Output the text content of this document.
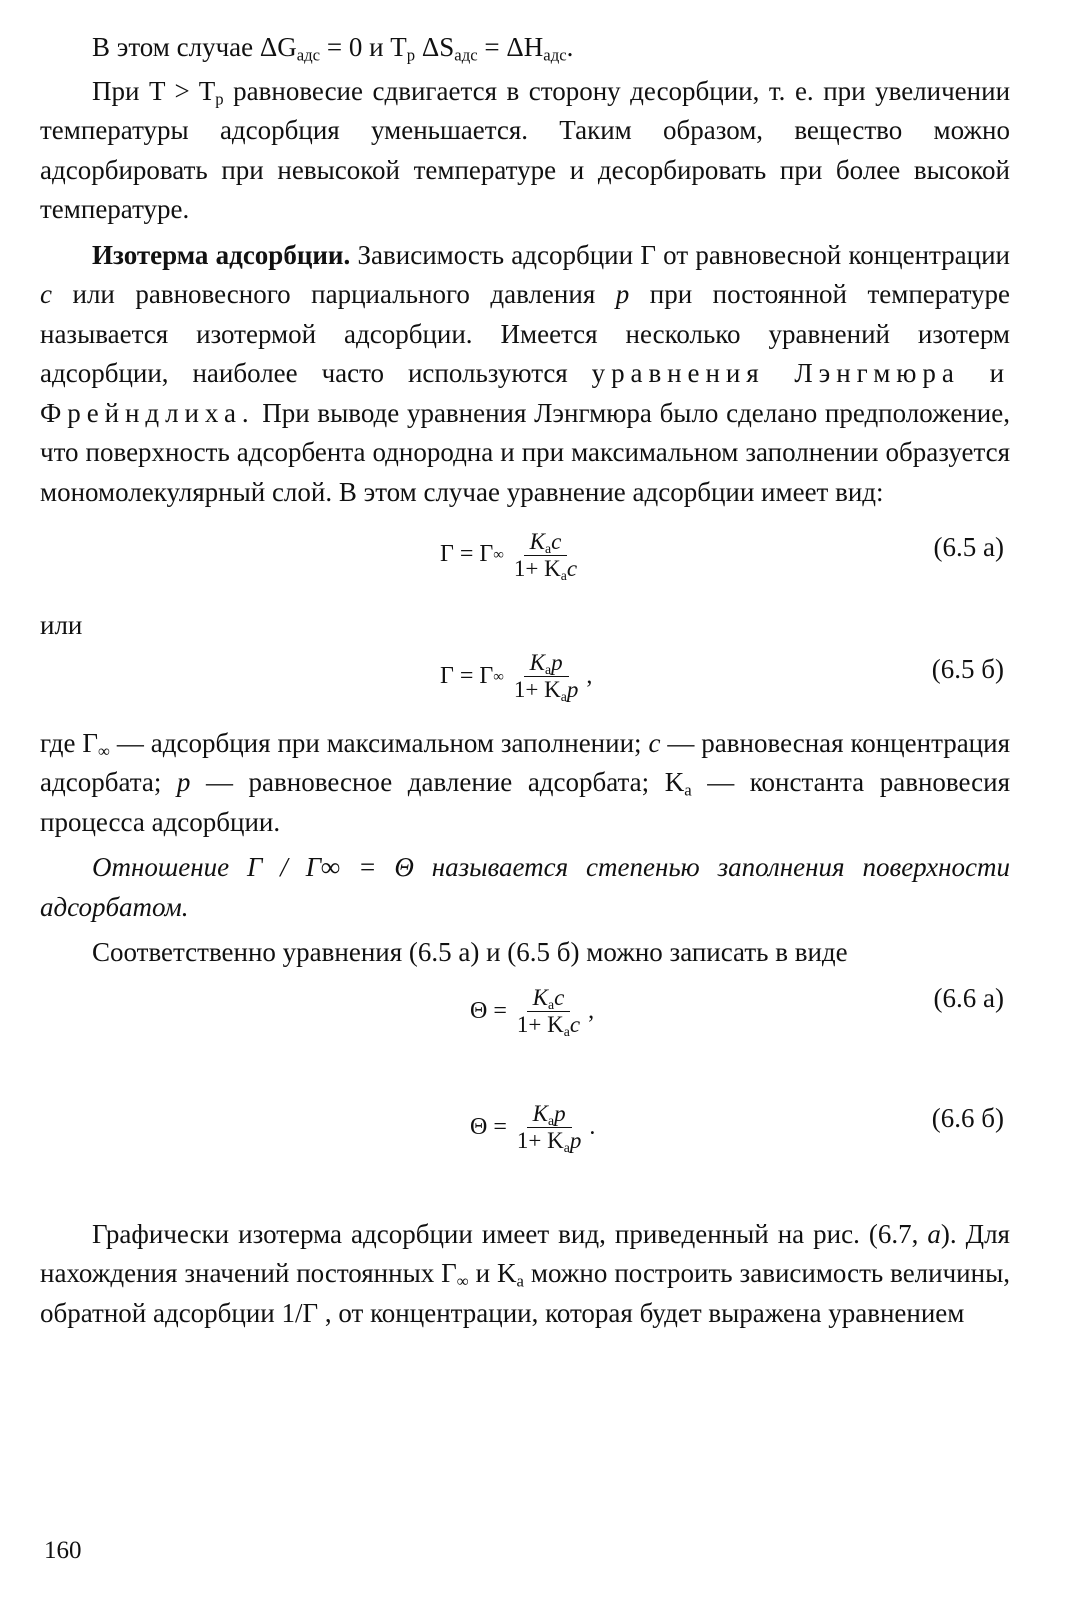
В этом случае $\Delta G_{адс} = 0$ и $T_р$ $\Delta S_{адс} = \Delta H_{адс}$.

При $T > T_р$ равновесие сдвигается в сторону десорбции, т. е. при увеличении температуры адсорбция уменьшается. Таким образом, вещество можно адсорбировать при невысокой температуре и десорбировать при более высокой температуре.

Изотерма адсорбции. Зависимость адсорбции Г от равновесной концентрации c или равновесного парциального давления p при постоянной температуре называется изотермой адсорбции. Имеется несколько уравнений изотерм адсорбции, наиболее часто используются уравнения Лэнгмюра и Фрейндлиха. При выводе уравнения Лэнгмюра было сделано предположение, что поверхность адсорбента однородна и при максимальном заполнении образуется мономолекулярный слой. В этом случае уравнение адсорбции имеет вид:

Г = Г ∞ $\frac{K_ac}{1+ K_ac}$	(6.5 а)

или

Г = Г ∞ $\frac{K_ap}{1+ K_ap}$ ,	(6.5 б)

где $Г_\infty$ — адсорбция при максимальном заполнении; c — равновесная концентрация адсорбата; p — равновесное давление адсорбата; $K_a$ — константа равновесия процесса адсорбции.

Отношение Г / Г∞ = Θ называется степенью заполнения поверхности адсорбатом.

Соответственно уравнения (6.5 а) и (6.5 б) можно записать в виде

$\Theta = \frac{K_ac}{1+ K_ac}$ ,	(6.6 а)
$\Theta = \frac{K_ap}{1+ K_ap}$ .	(6.6 б)

Графически изотерма адсорбции имеет вид, приведенный на рис. (6.7, а). Для нахождения значений постоянных $Г_\infty$ и $K_a$ можно построить зависимость величины, обратной адсорбции 1/Г , от концентрации, которая будет выражена уравнением

160
